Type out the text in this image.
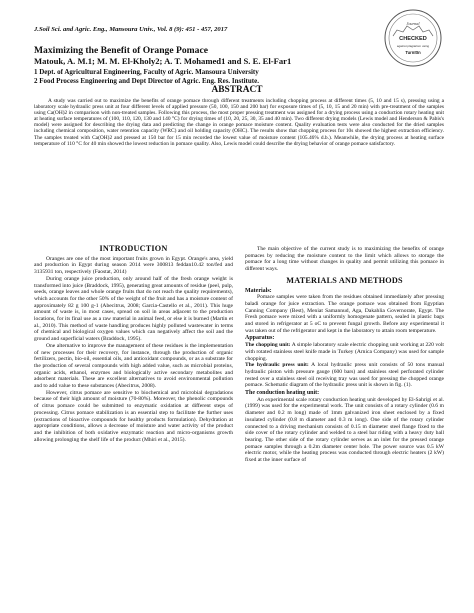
J.Soil Sci. and Agric. Eng., Mansoura Univ., Vol. 8 (9): 451 - 457, 2017
Journal
CHECKED
against plagiarism using
TurnItIn
Maximizing the Benefit of Orange Pomace
Matouk, A. M.1; M. M. El-Kholy2; A. T. Mohamed1 and S. E. El-Far1
1 Dept. of Agricultural Engineering, Faculty of Agric. Mansoura University
2 Food Process Engineering and Dept Director of Agric. Eng. Res. Institute.
ABSTRACT
A study was carried out to maximize the benefits of orange pomace through different treatments including chopping process at different times (5, 10 and 15 s), pressing using a laboratory scale hydraulic press unit at four different levels of applied pressure (50, 100, 150 and 200 bar) for exposure times of (5, 10, 15 and 20 min) with pre-treatment of the samples using Ca(OH)2 in comparison with non-treated samples. Following this process, the most proper pressing treatment was assigned for a drying process using a conduction rotary heating unit at heating surface temperatures of (100, 110, 120, 130 and 140 °C) for drying times of (10, 20, 25, 30, 35 and 40 min). Two different drying models (Lewis model and Henderson & Pabis's model) were assigned for describing the drying data and predicting the change in orange pomace moisture content. Quality evaluation tests were also conducted for the dried samples including chemical composition, water retention capacity (WRC) and oil holding capacity (OHC). The results show that chopping process for 10s showed the highest extraction efficiency. The samples treated with Ca(OH)2 and pressed at 150 bar for 15 min recorded the lowest value of moisture content (105.46% d.b.). Meanwhile, the drying process at heating surface temperature of 110 °C for 40 min showed the lowest reduction in pomace quality. Also, Lewis model could describe the drying behavior of orange pomace satisfactory.
INTRODUCTION

Oranges are one of the most important fruits grown in Egypt. Orange's area, yield and production in Egypt during season 2014 were 300813 feddan10.42 ton/fed and 3135931 ton, respectively (Faostat, 2014)

During orange juice production, only around half of the fresh orange weight is transformed into juice (Braddock, 1995), generating great amounts of residue (peel, pulp, seeds, orange leaves and whole orange fruits that do not reach the quality requirements), which accounts for the other 50% of the weight of the fruit and has a moisture content of approximately 82 g 100 g-1 (Abecitrus, 2008; Garcia-Castello et al., 2011). This huge amount of waste is, in most cases, spread on soil in areas adjacent to the production locations, for its final use as a raw material in animal feed, or else it is burned (Martin et al., 2010). This method of waste handling produces highly polluted wastewater in terms of chemical and biological oxygen values which can negatively affect the soil and the ground and superficial waters (Braddock, 1995).

One alternative to improve the management of these residues is the implementation of new processes for their recovery, for instance, through the production of organic fertilizers, pectin, bio-oil, essential oils, and antioxidant compounds, or as a substrate for the production of several compounds with high added value, such as microbial proteins, organic acids, ethanol, enzymes and biologically active secondary metabolites and adsorbent materials. These are excellent alternatives to avoid environmental pollution and to add value to these substances (Abecitrus, 2008).

However, citrus pomace are sensitive to biochemical and microbial degradations because of their high amount of moisture (70-80%). Moreover, the phenolic compounds of citrus pomace could be submitted to enzymatic oxidation at different steps of processing. Citrus pomace stabilization is an essential step to facilitate the further uses (extractions of bioactive compounds for healthy products formulation). Dehydration at appropriate conditions, allows a decrease of moisture and water activity of the product and the inhibition of both oxidative enzymatic reaction and micro-organisms growth allowing prolonging the shelf life of the product (Mhiri et al., 2015).

The main objective of the current study is to maximizing the benefits of orange pomaces by reducing the moisture content to the limit which allows to storage the pomace for a long time without changes in quality and permit utilizing this pomace in different ways.

MATERIALS AND METHODS
Materials:

Pomace samples were taken from the residues obtained immediately after pressing baladi orange for juice extraction. The orange pomace was obtained from Egyptian Canning Company (Best), Meniat Samannud, Aga, Dakahlia Governorate, Egypt. The Fresh pomace were mixed with a uniformly homogenate pattern, sealed in plastic bags and stored in refrigerator at 5 oC to prevent fungal growth. Before any experimental it was taken out of the refrigerator and kept in the laboratory to attain room temperature.

Apparatus:

The chopping unit: A simple laboratory scale electric chopping unit working at 220 volt with rotated stainless steel knife made in Turkey (Arnica Company) was used for sample chopping.

The hydraulic press unit: A local hydraulic press unit consists of 50 tons manual hydraulic piston with pressure gauge (600 bars) and stainless steel perforated cylinder rested over a stainless steel oil receiving tray was used for pressing the chopped orange pomace. Schematic diagram of the hydraulic press unit is shown in fig. (1).

The conduction heating unit:

An experimental scale rotary conduction heating unit developed by El-Sahrigi et al. (1999) was used for the experimental work. The unit consists of a rotary cylinder (0.6 m diameter and 0.2 m long) made of 1mm galvanized iron sheet enclosed by a fixed insulated cylinder (0.8 m diameter and 0.3 m long). One side of the rotary cylinder connected to a driving mechanism consists of 0.15 m diameter steel flange fixed to the side cover of the rotary cylinder and welded to a steel bar riding with a heavy duty ball bearing. The other side of the rotary cylinder serves as an inlet for the pressed orange pomace samples through a 0.2m diameter center hole. The power source was 0.5 kW electric motor, while the heating process was conducted through electric heaters (2 kW) fixed at the inner surface of
